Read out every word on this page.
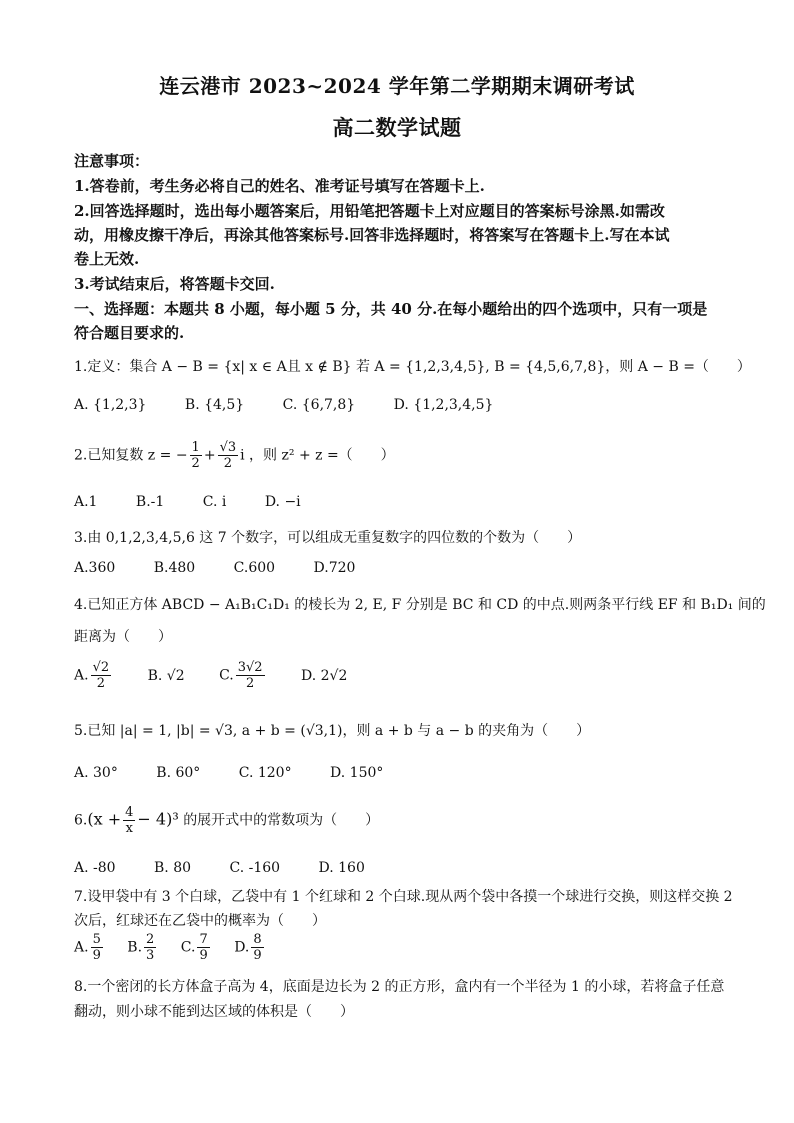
连云港市 2023~2024 学年第二学期期末调研考试
高二数学试题
注意事项：
1.答卷前，考生务必将自己的姓名、准考证号填写在答题卡上.
2.回答选择题时，选出每小题答案后，用铅笔把答题卡上对应题目的答案标号涂黑.如需改
动，用橡皮擦干净后，再涂其他答案标号.回答非选择题时，将答案写在答题卡上.写在本试
卷上无效.
3.考试结束后，将答题卡交回.
一、选择题：本题共 8 小题，每小题 5 分，共 40 分.在每小题给出的四个选项中，只有一项是
符合题目要求的.
1.定义：集合 A − B = {x| x ∈ A且 x ∉ B} 若 A = {1,2,3,4,5}, B = {4,5,6,7,8}，则 A − B =（　　）
A. {1,2,3}	B. {4,5}	C. {6,7,8}	D. {1,2,3,4,5}
2.已知复数 z = − $\frac{1}{2} + \frac{√3}{2}$ i ，则 z² + z =（　　）
A.1	B.-1	C. i	D. −i
3.由 0,1,2,3,4,5,6 这 7 个数字，可以组成无重复数字的四位数的个数为（　　）
A.360	B.480	C.600	D.720
4.已知正方体 ABCD − A₁B₁C₁D₁ 的棱长为 2, E, F 分别是 BC 和 CD 的中点.则两条平行线 EF 和 B₁D₁ 间的
距离为（　　）
A. $\frac{√2}{2}$	B. √2 C. $\frac{3√2}{2}$	D. 2√2
5.已知 |a| = 1, |b| = √3, a + b = (√3,1)，则 a + b 与 a − b 的夹角为（　　）
A. 30°	B. 60°	C. 120°	D. 150°
$6.(x + \frac{4}{x} - 4)^3$ 的展开式中的常数项为（　　）
A. -80	B. 80	C. -160	D. 160
7.设甲袋中有 3 个白球，乙袋中有 1 个红球和 2 个白球.现从两个袋中各摸一个球进行交换，则这样交换 2
次后，红球还在乙袋中的概率为（　　）
A. $\frac{5}{9} B$. $\frac{2}{3} C$. $\frac{7}{9} D$. $\frac{8}{9}$
8.一个密闭的长方体盒子高为 4，底面是边长为 2 的正方形，盒内有一个半径为 1 的小球，若将盒子任意
翻动，则小球不能到达区域的体积是（　　）
